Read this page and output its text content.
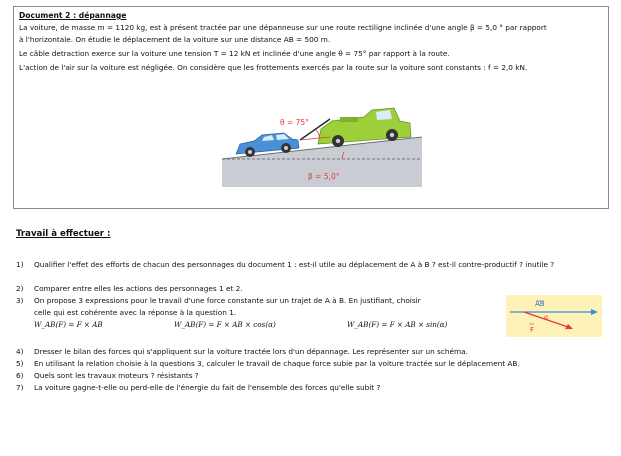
Document 2 : dépannage
La voiture, de masse m = 1120 kg, est à présent tractée par une dépanneuse sur une route rectiligne inclinée d'une angle β = 5,0 ° par rapport
à l'horizontale. On étudie le déplacement de la voiture sur une distance AB = 500 m.
Le câble detraction exerce sur la voiture une tension T = 12 kN et inclinée d'une angle θ = 75° par rapport à la route.
L'action de l'air sur la voiture est négligée. On considère que les frottements exercés par la route sur la voiture sont constants : f = 2,0 kN.
θ = 75°
β = 5,0°
Travail à effectuer :
1) Qualifier l'effet des efforts de chacun des personnages du document 1 : est-il utile au déplacement de A à B ? est-il contre-productif ? inutile ?
2) Comparer entre elles les actions des personnages 1 et 2.
3) On propose 3 expressions pour le travail d'une force constante sur un trajet de A à B. En justifiant, choisir
celle qui est cohérente avec la réponse à la question 1.
W_AB(F) = F × AB	W_AB(F) = F × AB × cos(α)	W_AB(F) = F × AB × sin(α)
AB
F
α
4) Dresser le bilan des forces qui s'appliquent sur la voiture tractée lors d'un dépannage. Les représenter sur un schéma.
5) En utilisant la relation choisie à la questions 3, calculer le travail de chaque force subie par la voiture tractée sur le déplacement AB.
6) Quels sont les travaux moteurs ? résistants ?
7) La voiture gagne-t-elle ou perd-elle de l'énergie du fait de l'ensemble des forces qu'elle subit ?
